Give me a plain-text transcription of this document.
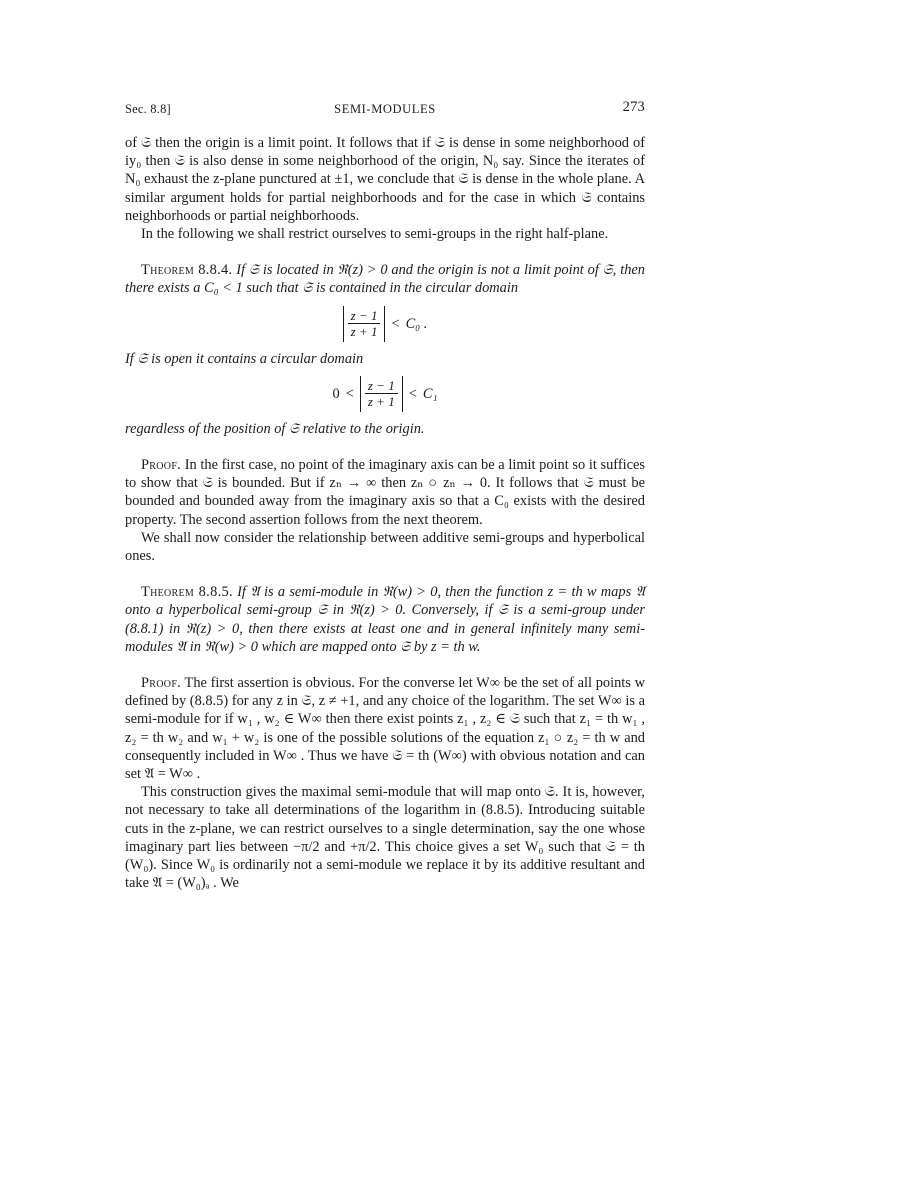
Sec. 8.8]	SEMI-MODULES	273

of 𝔖 then the origin is a limit point. It follows that if 𝔖 is dense in some neighborhood of iy₀ then 𝔖 is also dense in some neighborhood of the origin, N₀ say. Since the iterates of N₀ exhaust the z-plane punctured at ±1, we conclude that 𝔖 is dense in the whole plane. A similar argument holds for partial neighborhoods and for the case in which 𝔖 contains neighborhoods or partial neighborhoods.

In the following we shall restrict ourselves to semi-groups in the right half-plane.

Theorem 8.8.4. If 𝔖 is located in ℜ(z) > 0 and the origin is not a limit point of 𝔖, then there exists a C₀ < 1 such that 𝔖 is contained in the circular domain

$\frac{z - 1}{z + 1} < C_0$ .

If 𝔖 is open it contains a circular domain

$0 < \frac{z - 1}{z + 1} < C_1$

regardless of the position of 𝔖 relative to the origin.

Proof. In the first case, no point of the imaginary axis can be a limit point so it suffices to show that 𝔖 is bounded. But if zₙ → ∞ then zₙ ○ zₙ → 0. It follows that 𝔖 must be bounded and bounded away from the imaginary axis so that a C₀ exists with the desired property. The second assertion follows from the next theorem.

We shall now consider the relationship between additive semi-groups and hyperbolical ones.

Theorem 8.8.5. If 𝔄 is a semi-module in ℜ(w) > 0, then the function z = th w maps 𝔄 onto a hyperbolical semi-group 𝔖 in ℜ(z) > 0. Conversely, if 𝔖 is a semi-group under (8.8.1) in ℜ(z) > 0, then there exists at least one and in general infinitely many semi-modules 𝔄 in ℜ(w) > 0 which are mapped onto 𝔖 by z = th w.

Proof. The first assertion is obvious. For the converse let W∞ be the set of all points w defined by (8.8.5) for any z in 𝔖, z ≠ +1, and any choice of the logarithm. The set W∞ is a semi-module for if w₁ , w₂ ∈ W∞ then there exist points z₁ , z₂ ∈ 𝔖 such that z₁ = th w₁ , z₂ = th w₂ and w₁ + w₂ is one of the possible solutions of the equation z₁ ○ z₂ = th w and consequently included in W∞ . Thus we have 𝔖 = th (W∞) with obvious notation and can set 𝔄 = W∞ .

This construction gives the maximal semi-module that will map onto 𝔖. It is, however, not necessary to take all determinations of the logarithm in (8.8.5). Introducing suitable cuts in the z-plane, we can restrict ourselves to a single determination, say the one whose imaginary part lies between −π/2 and +π/2. This choice gives a set W₀ such that 𝔖 = th (W₀). Since W₀ is ordinarily not a semi-module we replace it by its additive resultant and take 𝔄 = (W₀)ₐ . We
